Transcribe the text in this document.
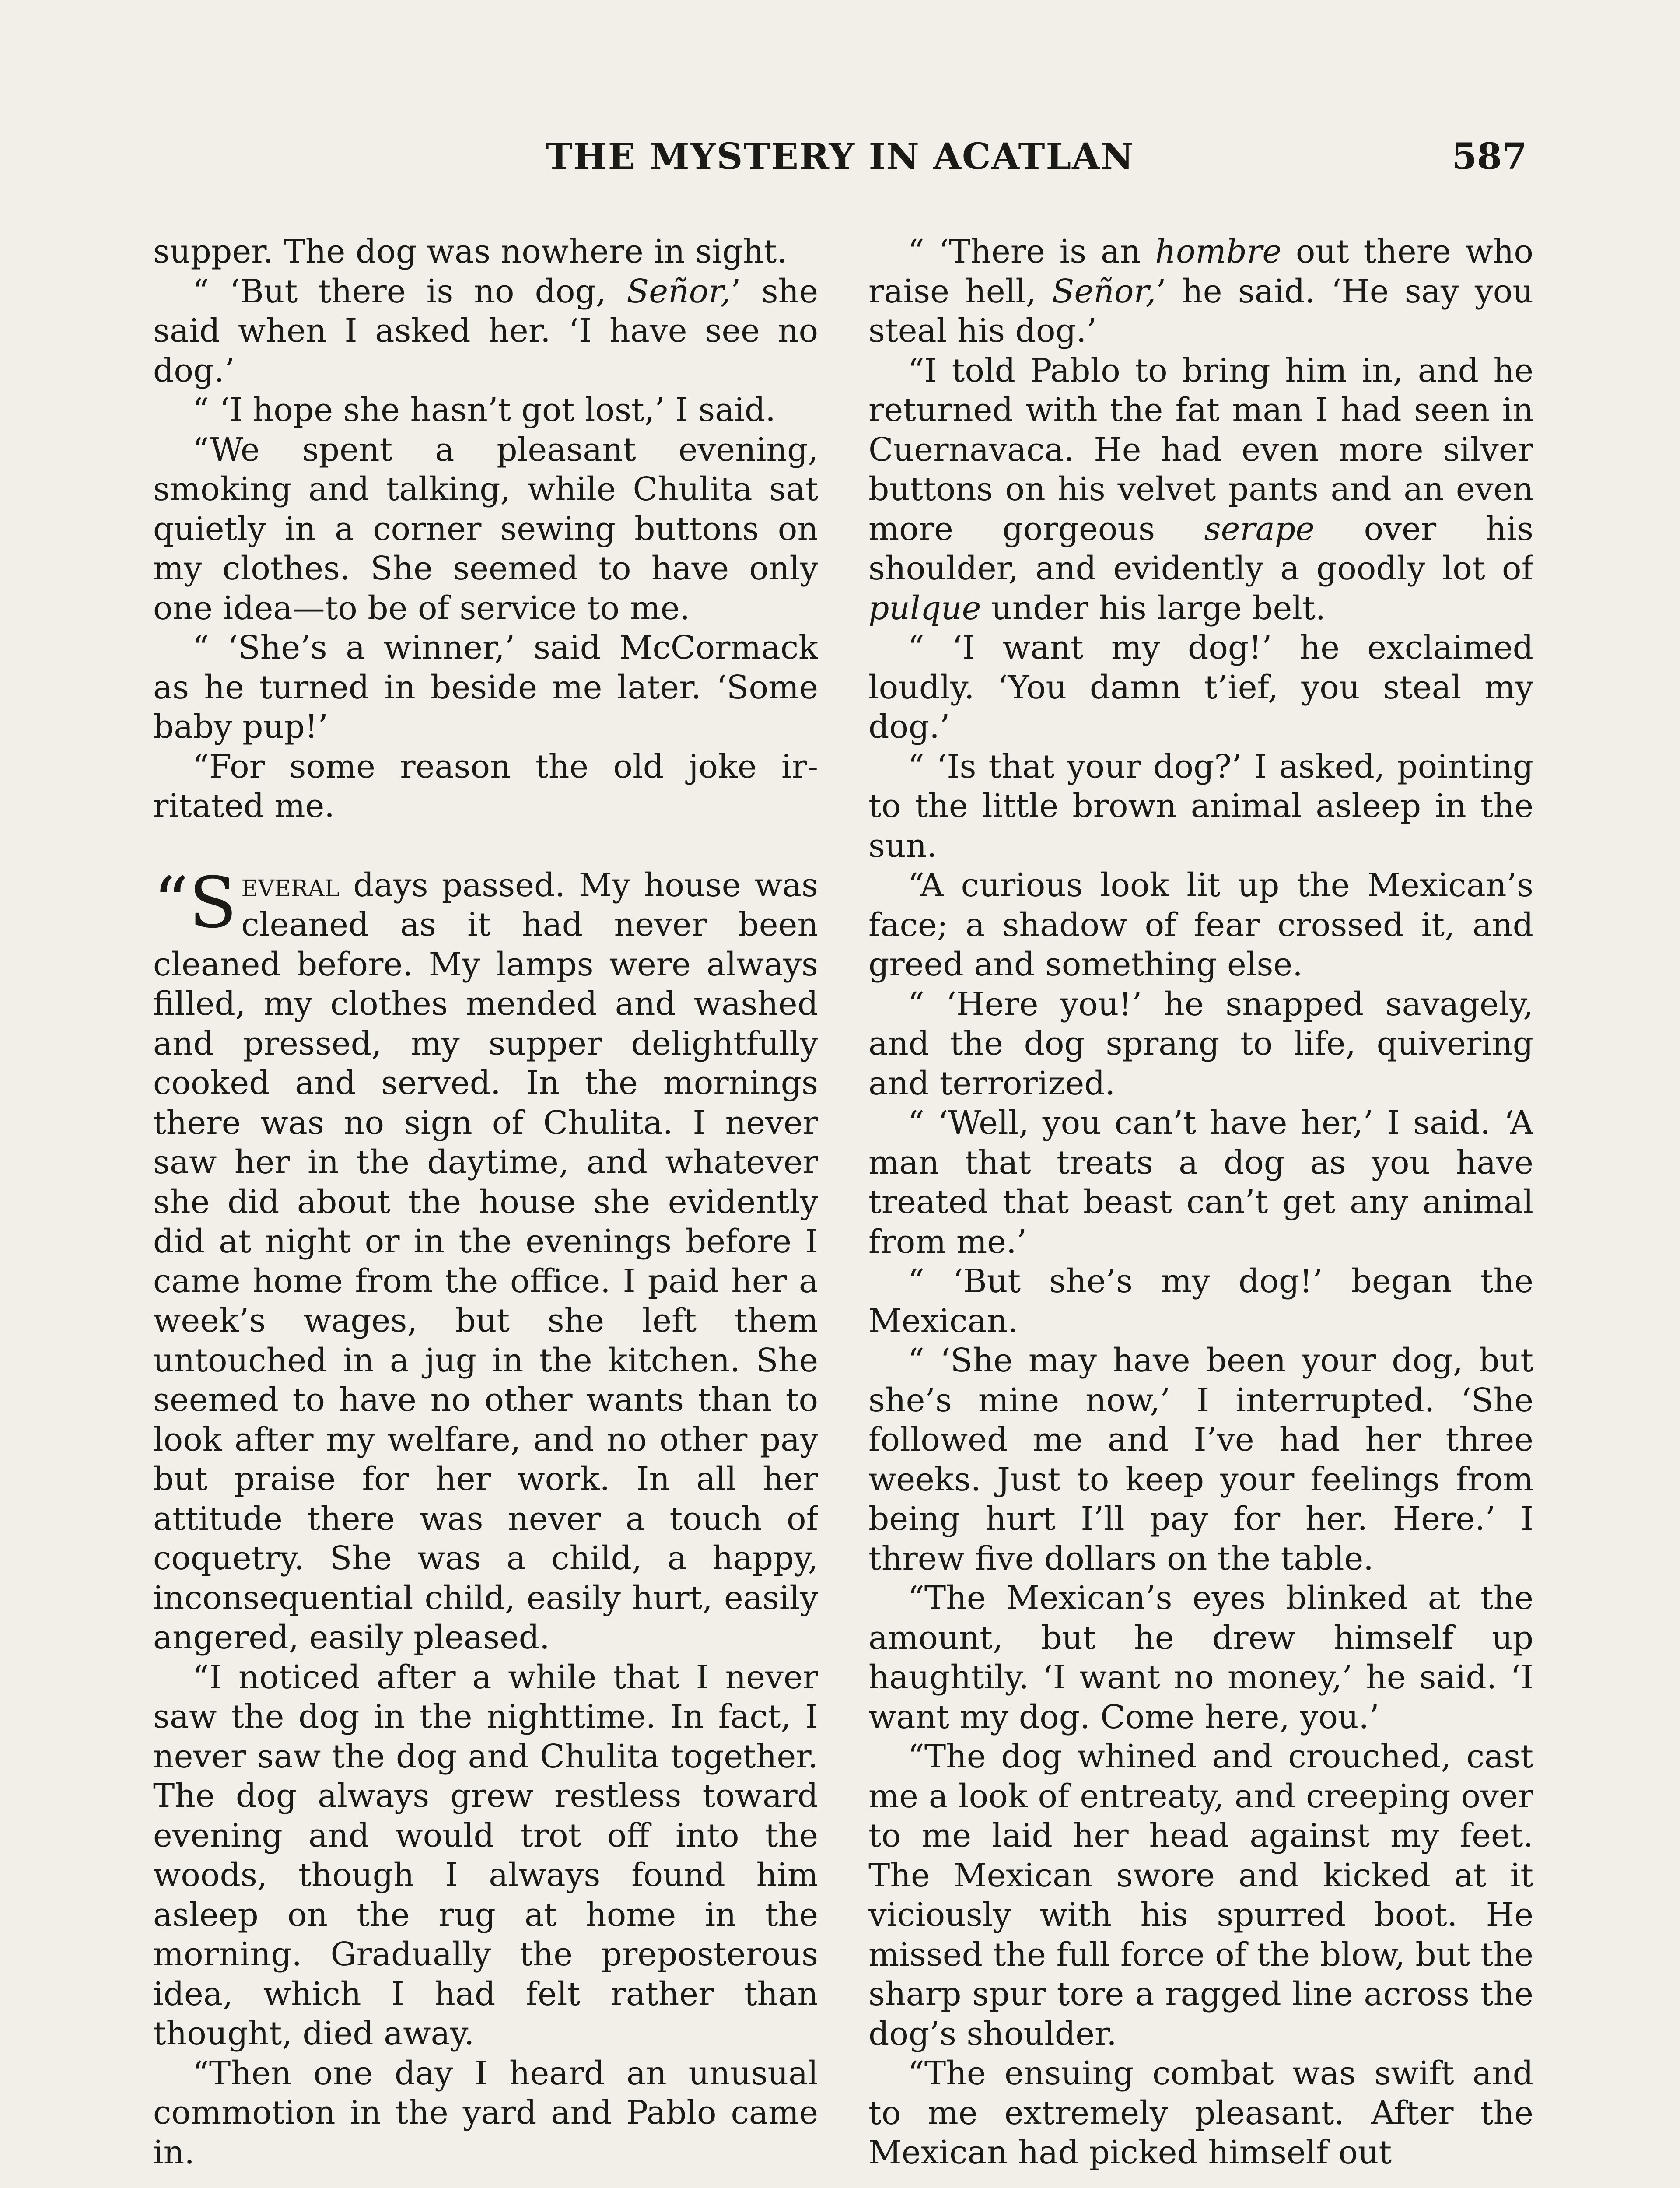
THE MYSTERY IN ACATLAN	587

supper. The dog was nowhere in sight.

“ ‘But there is no dog, Señor,’ she said when I asked her. ‘I have see no dog.’

“ ‘I hope she hasn’t got lost,’ I said.

“We spent a pleasant evening, smoking and talking, while Chulita sat quietly in a corner sewing buttons on my clothes. She seemed to have only one idea—to be of service to me.

“ ‘She’s a winner,’ said McCormack as he turned in beside me later. ‘Some baby pup!’

“For some reason the old joke irritated me.

“S everal days passed. My house was cleaned as it had never been cleaned before. My lamps were always filled, my clothes mended and washed and pressed, my supper delightfully cooked and served. In the mornings there was no sign of Chulita. I never saw her in the daytime, and whatever she did about the house she evidently did at night or in the evenings before I came home from the office. I paid her a week’s wages, but she left them untouched in a jug in the kitchen. She seemed to have no other wants than to look after my welfare, and no other pay but praise for her work. In all her attitude there was never a touch of coquetry. She was a child, a happy, inconsequential child, easily hurt, easily angered, easily pleased.

“I noticed after a while that I never saw the dog in the nighttime. In fact, I never saw the dog and Chulita together. The dog always grew restless toward evening and would trot off into the woods, though I always found him asleep on the rug at home in the morning. Gradually the preposterous idea, which I had felt rather than thought, died away.

“Then one day I heard an unusual commotion in the yard and Pablo came in.

“ ‘There is an hombre out there who raise hell, Señor,’ he said. ‘He say you steal his dog.’

“I told Pablo to bring him in, and he returned with the fat man I had seen in Cuernavaca. He had even more silver buttons on his velvet pants and an even more gorgeous serape over his shoulder, and evidently a goodly lot of pulque under his large belt.

“ ‘I want my dog!’ he exclaimed loudly. ‘You damn t’ief, you steal my dog.’

“ ‘Is that your dog?’ I asked, pointing to the little brown animal asleep in the sun.

“A curious look lit up the Mexican’s face; a shadow of fear crossed it, and greed and something else.

“ ‘Here you!’ he snapped savagely, and the dog sprang to life, quivering and terrorized.

“ ‘Well, you can’t have her,’ I said. ‘A man that treats a dog as you have treated that beast can’t get any animal from me.’

“ ‘But she’s my dog!’ began the Mexican.

“ ‘She may have been your dog, but she’s mine now,’ I interrupted. ‘She followed me and I’ve had her three weeks. Just to keep your feelings from being hurt I’ll pay for her. Here.’ I threw five dollars on the table.

“The Mexican’s eyes blinked at the amount, but he drew himself up haughtily. ‘I want no money,’ he said. ‘I want my dog. Come here, you.’

“The dog whined and crouched, cast me a look of entreaty, and creeping over to me laid her head against my feet. The Mexican swore and kicked at it viciously with his spurred boot. He missed the full force of the blow, but the sharp spur tore a ragged line across the dog’s shoulder.

“The ensuing combat was swift and to me extremely pleasant. After the Mexican had picked himself out
